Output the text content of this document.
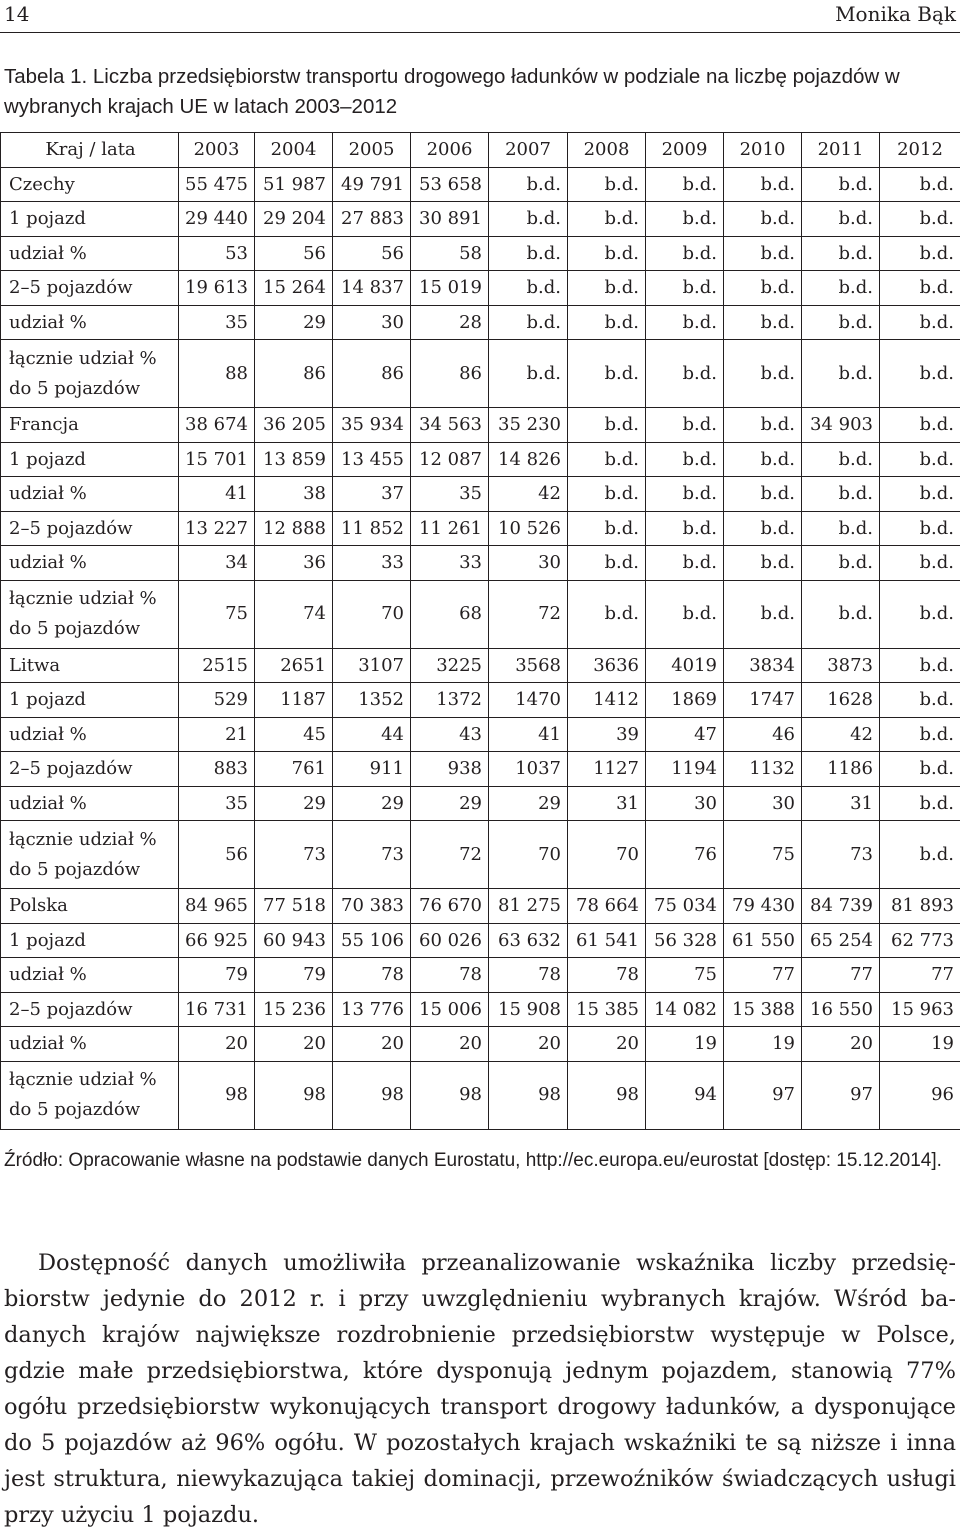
14	Monika Bąk
Tabela 1. Liczba przedsiębiorstw transportu drogowego ładunków w podziale na liczbę pojazdów w wybranych krajach UE w latach 2003–2012
Kraj / lata	2003	2004	2005	2006	2007	2008	2009	2010	2011	2012
Czechy	55 475	51 987	49 791	53 658	b.d.	b.d.	b.d.	b.d.	b.d.	b.d.
1 pojazd	29 440	29 204	27 883	30 891	b.d.	b.d.	b.d.	b.d.	b.d.	b.d.
udział %	53	56	56	58	b.d.	b.d.	b.d.	b.d.	b.d.	b.d.
2–5 pojazdów	19 613	15 264	14 837	15 019	b.d.	b.d.	b.d.	b.d.	b.d.	b.d.
udział %	35	29	30	28	b.d.	b.d.	b.d.	b.d.	b.d.	b.d.
łącznie udział % do 5 pojazdów	88	86	86	86	b.d.	b.d.	b.d.	b.d.	b.d.	b.d.
Francja	38 674	36 205	35 934	34 563	35 230	b.d.	b.d.	b.d.	34 903	b.d.
1 pojazd	15 701	13 859	13 455	12 087	14 826	b.d.	b.d.	b.d.	b.d.	b.d.
udział %	41	38	37	35	42	b.d.	b.d.	b.d.	b.d.	b.d.
2–5 pojazdów	13 227	12 888	11 852	11 261	10 526	b.d.	b.d.	b.d.	b.d.	b.d.
udział %	34	36	33	33	30	b.d.	b.d.	b.d.	b.d.	b.d.
łącznie udział % do 5 pojazdów	75	74	70	68	72	b.d.	b.d.	b.d.	b.d.	b.d.
Litwa	2515	2651	3107	3225	3568	3636	4019	3834	3873	b.d.
1 pojazd	529	1187	1352	1372	1470	1412	1869	1747	1628	b.d.
udział %	21	45	44	43	41	39	47	46	42	b.d.
2–5 pojazdów	883	761	911	938	1037	1127	1194	1132	1186	b.d.
udział %	35	29	29	29	29	31	30	30	31	b.d.
łącznie udział % do 5 pojazdów	56	73	73	72	70	70	76	75	73	b.d.
Polska	84 965	77 518	70 383	76 670	81 275	78 664	75 034	79 430	84 739	81 893
1 pojazd	66 925	60 943	55 106	60 026	63 632	61 541	56 328	61 550	65 254	62 773
udział %	79	79	78	78	78	78	75	77	77	77
2–5 pojazdów	16 731	15 236	13 776	15 006	15 908	15 385	14 082	15 388	16 550	15 963
udział %	20	20	20	20	20	20	19	19	20	19
łącznie udział % do 5 pojazdów	98	98	98	98	98	98	94	97	97	96
Źródło: Opracowanie własne na podstawie danych Eurostatu, http://ec.europa.eu/eurostat [dostęp: 15.12.2014].
Dostępność danych umożliwiła przeanalizowanie wskaźnika liczby przedsiębiorstw jedynie do 2012 r. i przy uwzględnieniu wybranych krajów. Wśród badanych krajów największe rozdrobnienie przedsiębiorstw występuje w Polsce, gdzie małe przedsiębiorstwa, które dysponują jednym pojazdem, stanowią 77% ogółu przedsiębiorstw wykonujących transport drogowy ładunków, a dysponujące do 5 pojazdów aż 96% ogółu. W pozostałych krajach wskaźniki te są niższe i inna jest struktura, niewykazująca takiej dominacji, przewoźników świadczących usługi przy użyciu 1 pojazdu.
